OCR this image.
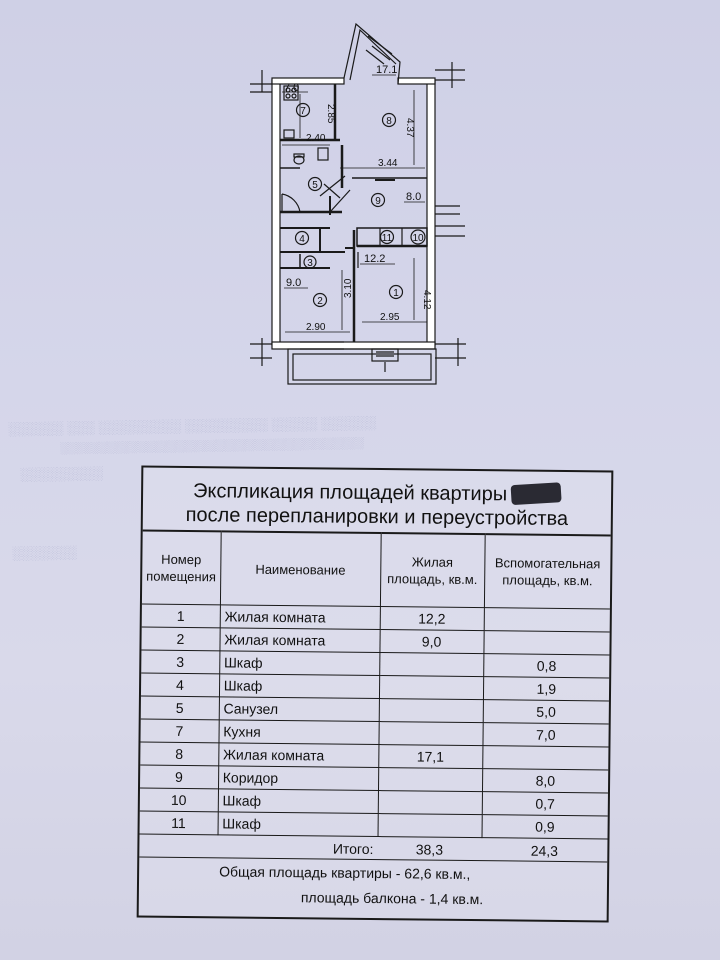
░░░░░░ ░░░ ░░░░░░░░░ ░░░░░░░░░ ░░░░░ ░░░░░░
░░░░░░░░░░░░░░░░░░░░░░░░░░░░░░░░░░░░░░░
░░░░░░░░░
░░░░░░░
7
8
5
9
4
3
2
1
11 10
17.1
7.0
2.40
3.44
8.0
12.2
9.0
2.90
2.95
2.85
4.37
3.10
4.12
Экспликация площадей квартиры
после перепланировки и переустройства
Номер помещения	Наименование	Жилая площадь, кв.м.	Вспомогательная площадь, кв.м.
1	Жилая комната	12,2	
2	Жилая комната	9,0	
3	Шкаф		0,8
4	Шкаф		1,9
5	Санузел		5,0
7	Кухня		7,0
8	Жилая комната	17,1	
9	Коридор		8,0
10	Шкаф		0,7
11	Шкаф		0,9
	Итого:	38,3	24,3
Общая площадь квартиры - 62,6 кв.м.,
площадь балкона - 1,4 кв.м.
